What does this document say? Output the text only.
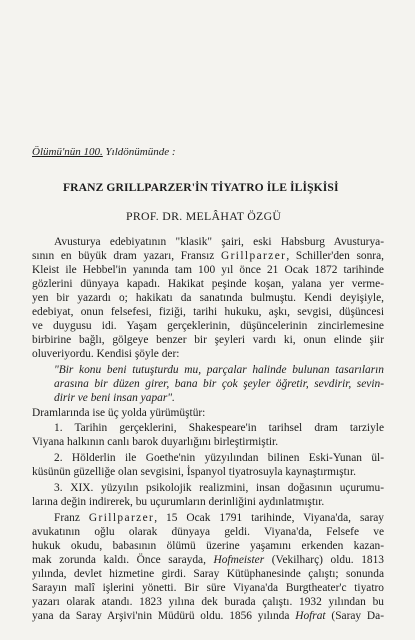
Ölümü'nün 100. Yıldönümünde :
FRANZ GRILLPARZER'İN TİYATRO İLE İLİŞKİSİ
PROF. DR. MELÂHAT ÖZGÜ
Avusturya edebiyatının "klasik" şairi, eski Habsburg Avusturya-
sının en büyük dram yazarı, Fransız Grillparzer, Schiller'den sonra,
Kleist ile Hebbel'in yanında tam 100 yıl önce 21 Ocak 1872 tarihinde
gözlerini dünyaya kapadı. Hakikat peşinde koşan, yalana yer verme-
yen bir yazardı o; hakikatı da sanatında bulmuştu. Kendi deyişiyle,
edebiyat, onun felsefesi, fiziği, tarihi hukuku, aşkı, sevgisi, düşüncesi
ve duygusu idi. Yaşam gerçeklerinin, düşüncelerinin zincirlemesine
birbirine bağlı, gölgeye benzer bir şeyleri vardı ki, onun elinde şiir
oluveriyordu. Kendisi şöyle der:
"Bir konu beni tutuşturdu mu, parçalar halinde bulunan tasarıların
arasına bir düzen girer, bana bir çok şeyler öğretir, sevdirir, sevin-
dirir ve beni insan yapar".
Dramlarında ise üç yolda yürümüştür:
1. Tarihin gerçeklerini, Shakespeare'in tarihsel dram tarziyle
Viyana halkının canlı barok duyarlığını birleştirmiştir.
2. Hölderlin ile Goethe'nin yüzyılından bilinen Eski-Yunan ül-
küsünün güzelliğe olan sevgisini, İspanyol tiyatrosuyla kaynaştırmıştır.
3. XIX. yüzyılın psikolojik realizmini, insan doğasının uçurumu-
larına değin indirerek, bu uçurumların derinliğini aydınlatmıştır.
Franz Grillparzer, 15 Ocak 1791 tarihinde, Viyana'da, saray
avukatının oğlu olarak dünyaya geldi. Viyana'da, Felsefe ve
hukuk okudu, babasının ölümü üzerine yaşamını erkenden kazan-
mak zorunda kaldı. Önce sarayda, Hofmeister (Vekilharç) oldu. 1813
yılında, devlet hizmetine girdi. Saray Kütüphanesinde çalıştı; sonunda
Sarayın malî işlerini yönetti. Bir süre Viyana'da Burgtheater'c tiyatro
yazarı olarak atandı. 1823 yılına dek burada çalıştı. 1932 yılından bu
yana da Saray Arşivi'nin Müdürü oldu. 1856 yılında Hofrat (Saray Da-
